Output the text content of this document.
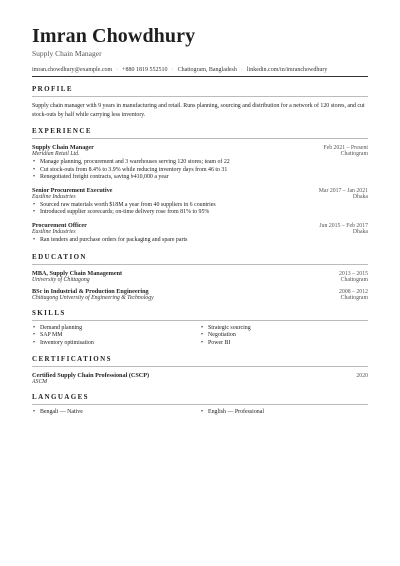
Imran Chowdhury
Supply Chain Manager
imran.chowdhury@example.com · +880 1819 552510 · Chattogram, Bangladesh · linkedin.com/in/imranchowdhury
PROFILE
Supply chain manager with 9 years in manufacturing and retail. Runs planning, sourcing and distribution for a network of 120 stores, and cut stock-outs by half while carrying less inventory.
EXPERIENCE
Supply Chain Manager	Feb 2021 – Present
Meridian Retail Ltd.	Chattogram
• Manage planning, procurement and 3 warehouses serving 120 stores; team of 22
• Cut stock-outs from 8.4% to 3.9% while reducing inventory days from 46 to 31
• Renegotiated freight contracts, saving ৳410,000 a year
Senior Procurement Executive	Mar 2017 – Jan 2021
Eastline Industries	Dhaka
• Sourced raw materials worth $18M a year from 40 suppliers in 6 countries
• Introduced supplier scorecards; on-time delivery rose from 81% to 95%
Procurement Officer	Jun 2015 – Feb 2017
Eastline Industries	Dhaka
• Ran tenders and purchase orders for packaging and spare parts
EDUCATION
MBA, Supply Chain Management	2013 – 2015
University of Chittagong	Chattogram
BSc in Industrial & Production Engineering	2008 – 2012
Chittagong University of Engineering & Technology	Chattogram
SKILLS
• Demand planning	• Strategic sourcing
• SAP MM	• Negotiation
• Inventory optimisation	• Power BI
CERTIFICATIONS
Certified Supply Chain Professional (CSCP)	2020
ASCM
LANGUAGES
• Bengali — Native	• English — Professional
